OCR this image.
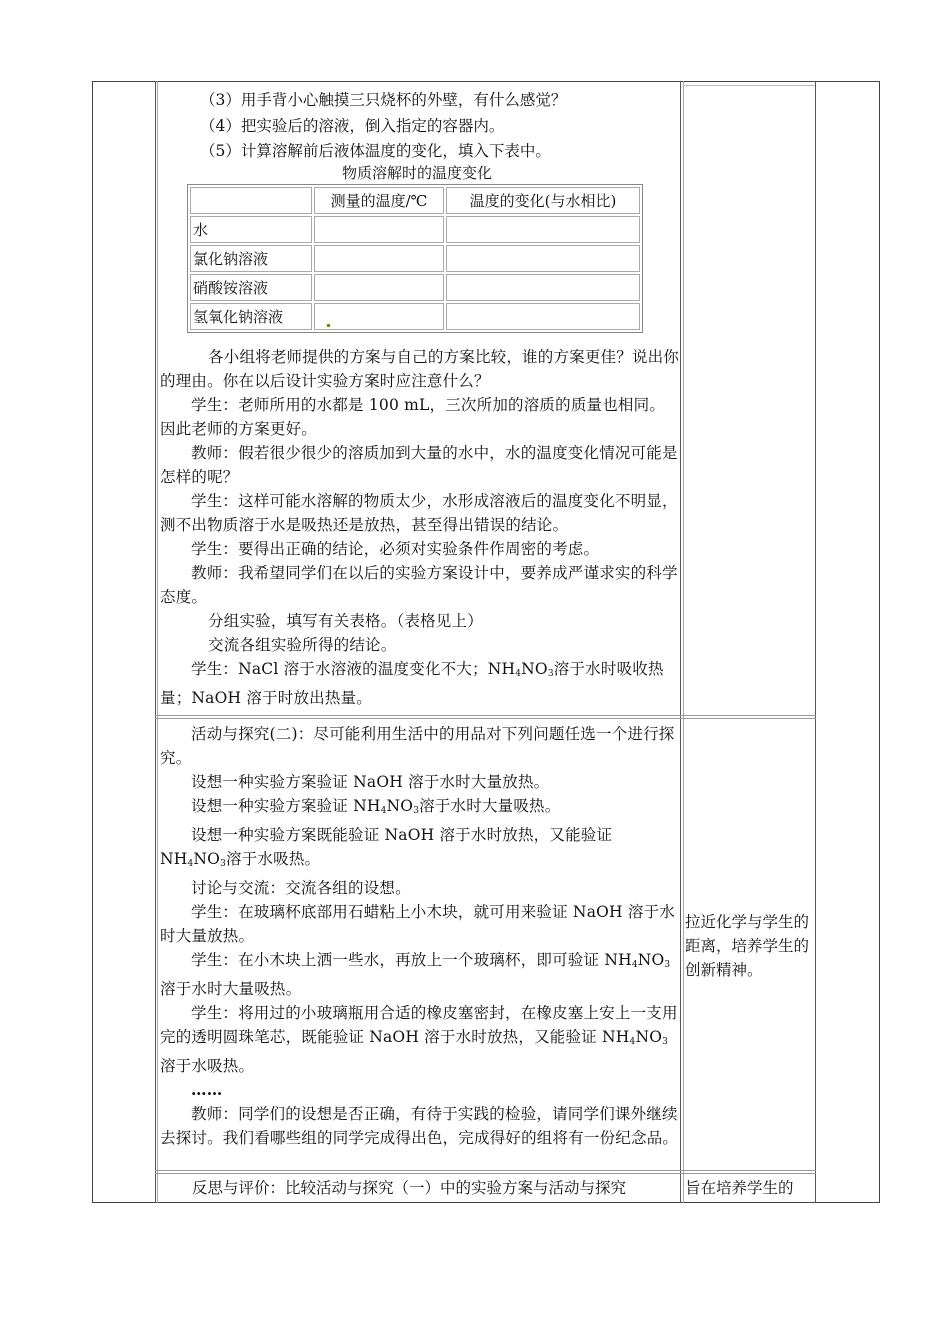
（3）用手背小心触摸三只烧杯的外壁，有什么感觉？
（4）把实验后的溶液，倒入指定的容器内。
（5）计算溶解前后液体温度的变化，填入下表中。
物质溶解时的温度变化
	测量的温度/℃	温度的变化(与水相比)
水		
氯化钠溶液		
硝酸铵溶液		
氢氧化钠溶液		

各小组将老师提供的方案与自己的方案比较，谁的方案更佳？说出你的理由。你在以后设计实验方案时应注意什么？

学生：老师所用的水都是 100 mL，三次所加的溶质的质量也相同。因此老师的方案更好。

教师：假若很少很少的溶质加到大量的水中，水的温度变化情况可能是怎样的呢？

学生：这样可能水溶解的物质太少，水形成溶液后的温度变化不明显，测不出物质溶于水是吸热还是放热，甚至得出错误的结论。

学生：要得出正确的结论，必须对实验条件作周密的考虑。

教师：我希望同学们在以后的实验方案设计中，要养成严谨求实的科学态度。

分组实验，填写有关表格。（表格见上）

交流各组实验所得的结论。

学生：NaCl 溶于水溶液的温度变化不大；$NH_4NO_3$溶于水时吸收热量；NaOH 溶于时放出热量。

活动与探究(二)：尽可能利用生活中的用品对下列问题任选一个进行探究。

设想一种实验方案验证 NaOH 溶于水时大量放热。

设想一种实验方案验证 $NH_4NO_3$溶于水时大量吸热。

设想一种实验方案既能验证 NaOH 溶于水时放热，又能验证 $NH_4NO_3$溶于水吸热。

讨论与交流：交流各组的设想。

学生：在玻璃杯底部用石蜡粘上小木块，就可用来验证 NaOH 溶于水时大量放热。

学生：在小木块上洒一些水，再放上一个玻璃杯，即可验证 $NH_4NO_3$溶于水时大量吸热。

学生：将用过的小玻璃瓶用合适的橡皮塞密封，在橡皮塞上安上一支用完的透明圆珠笔芯，既能验证 NaOH 溶于水时放热，又能验证 $NH_4NO_3$溶于水吸热。

……

教师：同学们的设想是否正确，有待于实践的检验，请同学们课外继续去探讨。我们看哪些组的同学完成得出色，完成得好的组将有一份纪念品。

拉近化学与学生的距离，培养学生的创新精神。
反思与评价：比较活动与探究（一）中的实验方案与活动与探究	旨在培养学生的
